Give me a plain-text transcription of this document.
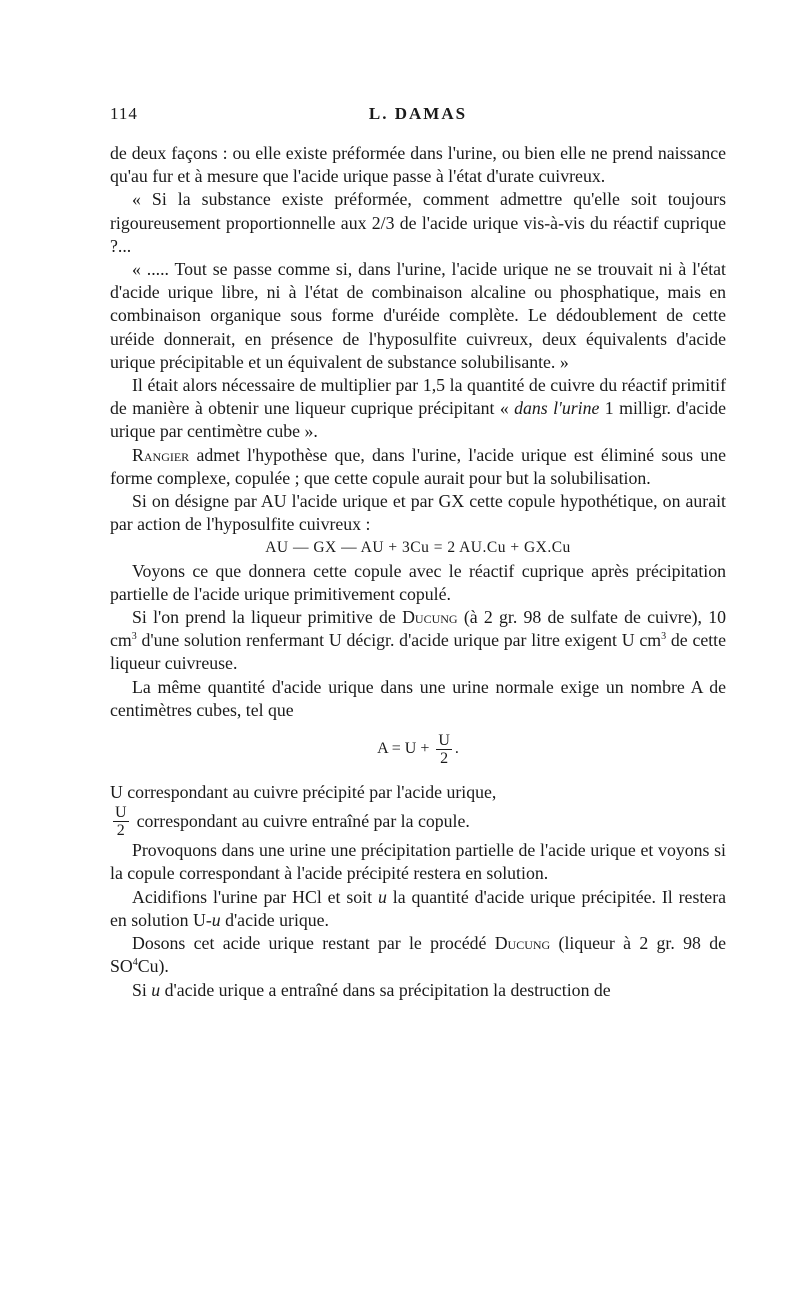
114	L. DAMAS

de deux façons : ou elle existe préformée dans l'urine, ou bien elle ne prend naissance qu'au fur et à mesure que l'acide urique passe à l'état d'urate cuivreux.

« Si la substance existe préformée, comment admettre qu'elle soit toujours rigoureusement proportionnelle aux 2/3 de l'acide urique vis-à-vis du réactif cuprique ?...

« ..... Tout se passe comme si, dans l'urine, l'acide urique ne se trouvait ni à l'état d'acide urique libre, ni à l'état de combinaison alcaline ou phosphatique, mais en combinaison organique sous forme d'uréide complète. Le dédoublement de cette uréide donnerait, en présence de l'hyposulfite cuivreux, deux équivalents d'acide urique précipitable et un équivalent de substance solubilisante. »

Il était alors nécessaire de multiplier par 1,5 la quantité de cuivre du réactif primitif de manière à obtenir une liqueur cuprique précipitant « dans l'urine 1 milligr. d'acide urique par centimètre cube ».

Rangier admet l'hypothèse que, dans l'urine, l'acide urique est éliminé sous une forme complexe, copulée ; que cette copule aurait pour but la solubilisation.

Si on désigne par AU l'acide urique et par GX cette copule hypothétique, on aurait par action de l'hyposulfite cuivreux :

AU — GX — AU + 3Cu = 2 AU.Cu + GX.Cu

Voyons ce que donnera cette copule avec le réactif cuprique après précipitation partielle de l'acide urique primitivement copulé.

Si l'on prend la liqueur primitive de Ducung (à 2 gr. 98 de sulfate de cuivre), 10 $cm^3$ d'une solution renfermant U décigr. d'acide urique par litre exigent U $cm^3$ de cette liqueur cuivreuse.

La même quantité d'acide urique dans une urine normale exige un nombre A de centimètres cubes, tel que

$A = U + \frac{U}{2}$ .

U correspondant au cuivre précipité par l'acide urique,

$\frac{U}{2}$ correspondant au cuivre entraîné par la copule.

Provoquons dans une urine une précipitation partielle de l'acide urique et voyons si la copule correspondant à l'acide précipité restera en solution.

Acidifions l'urine par HCl et soit u la quantité d'acide urique précipitée. Il restera en solution U-u d'acide urique.

Dosons cet acide urique restant par le procédé Ducung (liqueur à 2 gr. 98 de $SO^4Cu$).

Si u d'acide urique a entraîné dans sa précipitation la destruction de
